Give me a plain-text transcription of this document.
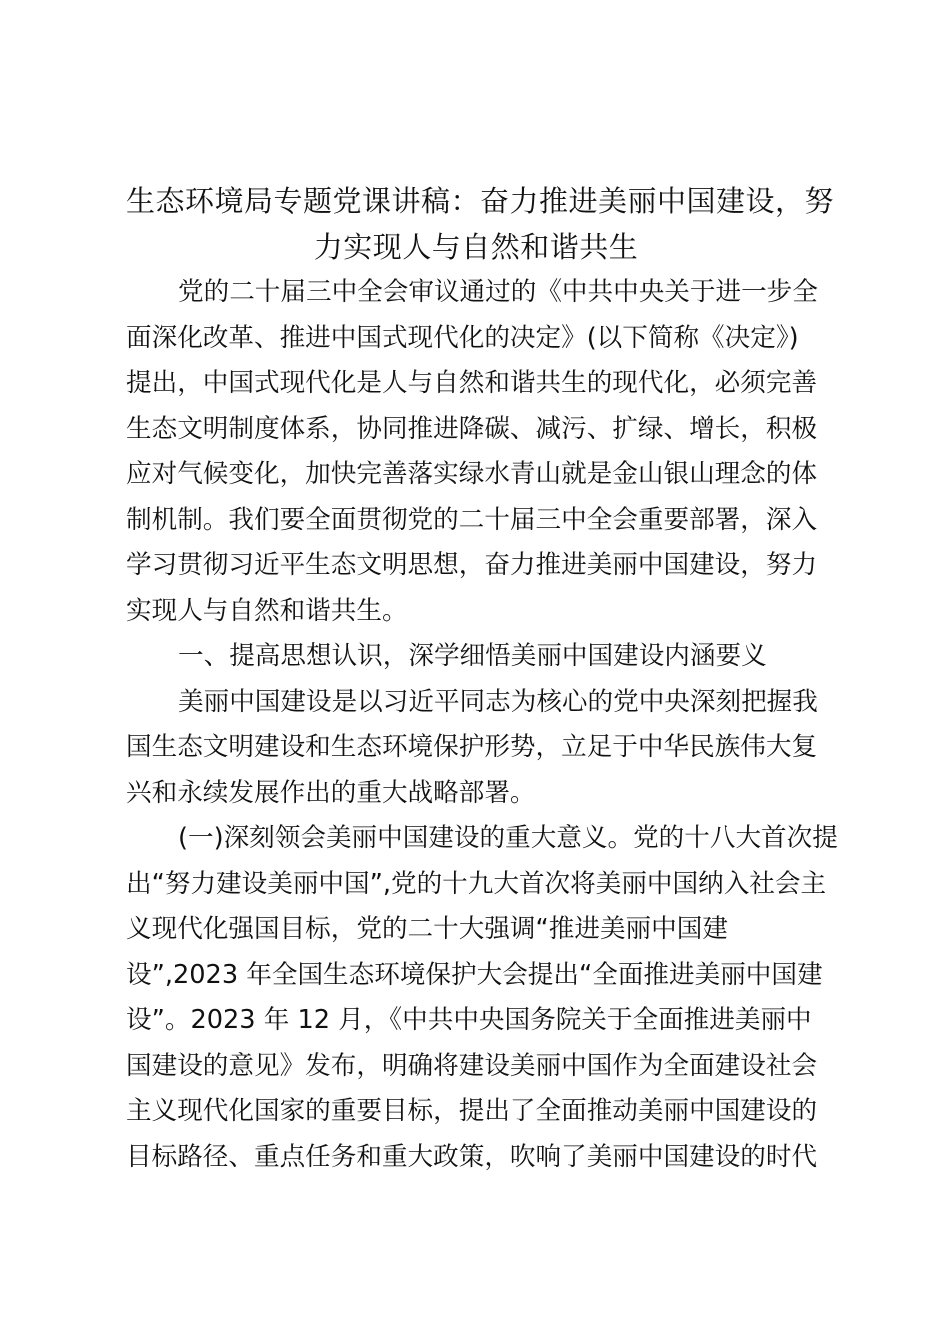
生态环境局专题党课讲稿：奋力推进美丽中国建设，努
力实现人与自然和谐共生

党的二十届三中全会审议通过的《中共中央关于进一步全
面深化改革、推进中国式现代化的决定》(以下简称《决定》)
提出，中国式现代化是人与自然和谐共生的现代化，必须完善
生态文明制度体系，协同推进降碳、减污、扩绿、增长，积极
应对气候变化，加快完善落实绿水青山就是金山银山理念的体
制机制。我们要全面贯彻党的二十届三中全会重要部署，深入
学习贯彻习近平生态文明思想，奋力推进美丽中国建设，努力
实现人与自然和谐共生。

一、提高思想认识，深学细悟美丽中国建设内涵要义

美丽中国建设是以习近平同志为核心的党中央深刻把握我
国生态文明建设和生态环境保护形势，立足于中华民族伟大复
兴和永续发展作出的重大战略部署。

(一)深刻领会美丽中国建设的重大意义。党的十八大首次提
出“努力建设美丽中国”,党的十九大首次将美丽中国纳入社会主
义现代化强国目标，党的二十大强调“推进美丽中国建
设”,2023 年全国生态环境保护大会提出“全面推进美丽中国建
设”。2023 年 12 月，《中共中央国务院关于全面推进美丽中
国建设的意见》发布，明确将建设美丽中国作为全面建设社会
主义现代化国家的重要目标，提出了全面推动美丽中国建设的
目标路径、重点任务和重大政策，吹响了美丽中国建设的时代
